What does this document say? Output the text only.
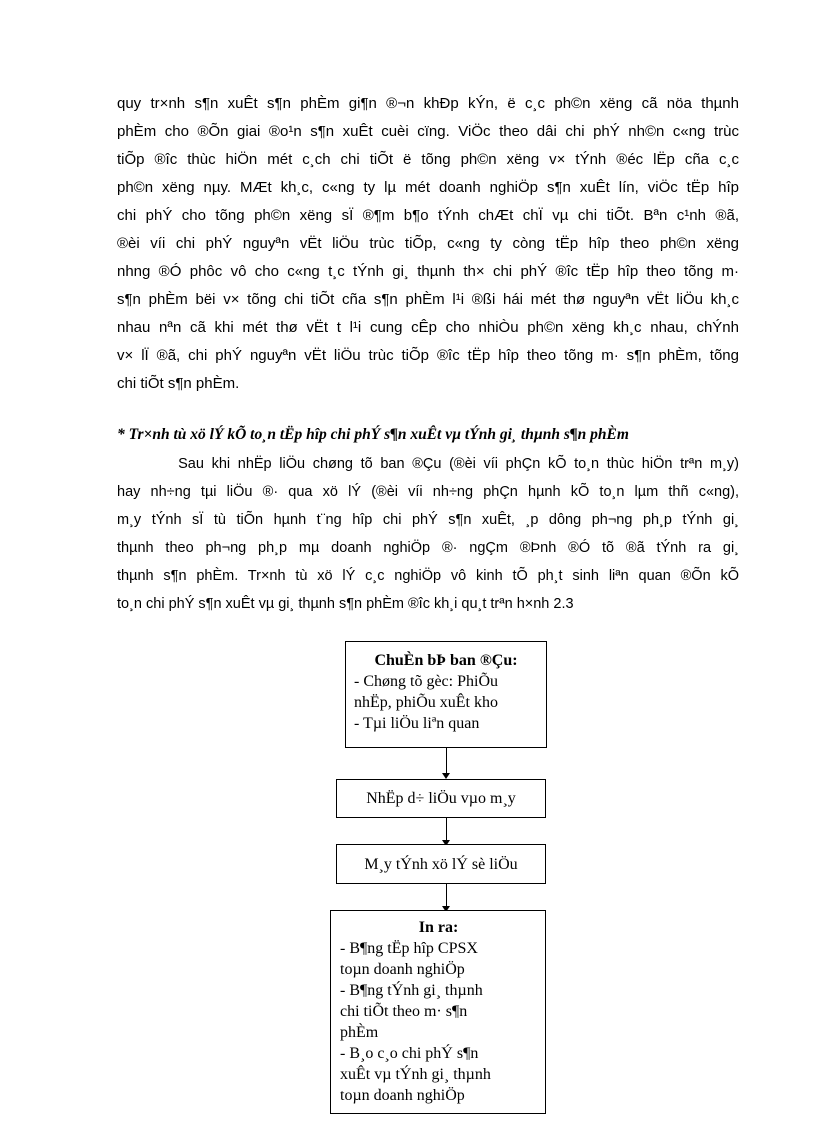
quy tr×nh s¶n xuÊt s¶n phÈm gi¶n ®¬n khÐp kÝn, ë c¸c ph©n xëng cã nöa thµnh
phÈm cho ®Õn giai ®o¹n s¶n xuÊt cuèi cïng. ViÖc theo dâi chi phÝ nh©n c«ng trùc
tiÕp ®îc thùc hiÖn mét c¸ch chi tiÕt ë tõng ph©n xëng v× tÝnh ®éc lËp cña c¸c
ph©n xëng nµy. MÆt kh¸c, c«ng ty lµ mét doanh nghiÖp s¶n xuÊt lín, viÖc tËp hîp
chi phÝ cho tõng ph©n xëng sÏ ®¶m b¶o tÝnh chÆt chÏ vµ chi tiÕt. Bªn c¹nh ®ã,
®èi víi chi phÝ nguyªn vËt liÖu trùc tiÕp, c«ng ty còng tËp hîp theo ph©n xëng
nhng ®Ó phôc vô cho c«ng t¸c tÝnh gi¸ thµnh th× chi phÝ ®îc tËp hîp theo tõng m·
s¶n phÈm bëi v× tõng chi tiÕt cña s¶n phÈm l¹i ®ßi hái mét thø nguyªn vËt liÖu kh¸c
nhau nªn cã khi mét thø vËt t l¹i cung cÊp cho nhiÒu ph©n xëng kh¸c nhau, chÝnh
v× lÏ ®ã, chi phÝ nguyªn vËt liÖu trùc tiÕp ®îc tËp hîp theo tõng m· s¶n phÈm, tõng
chi tiÕt s¶n phÈm.
* Tr×nh tù xö lÝ kÕ to¸n tËp hîp chi phÝ s¶n xuÊt vµ tÝnh gi¸ thµnh s¶n phÈm
Sau khi nhËp liÖu chøng tõ ban ®Çu (®èi víi phÇn kÕ to¸n thùc hiÖn trªn m¸y)
hay nh÷ng tµi liÖu ®· qua xö lÝ (®èi víi nh÷ng phÇn hµnh kÕ to¸n lµm thñ c«ng),
m¸y tÝnh sÏ tù tiÕn hµnh t¨ng hîp chi phÝ s¶n xuÊt, ¸p dông ph¬ng ph¸p tÝnh gi¸
thµnh theo ph¬ng ph¸p mµ doanh nghiÖp ®· ngÇm ®Þnh ®Ó tõ ®ã tÝnh ra gi¸
thµnh s¶n phÈm. Tr×nh tù xö lÝ c¸c nghiÖp vô kinh tÕ ph¸t sinh liªn quan ®Õn kÕ
to¸n chi phÝ s¶n xuÊt vµ gi¸ thµnh s¶n phÈm ®îc kh¸i qu¸t trªn h×nh 2.3
ChuÈn bÞ ban ®Çu:
- Chøng tõ gèc: PhiÕu
nhËp, phiÕu xuÊt kho
- Tµi liÖu liªn quan
NhËp d÷ liÖu vµo m¸y
M¸y tÝnh xö lÝ sè liÖu
In ra:
- B¶ng tËp hîp CPSX
toµn doanh nghiÖp
- B¶ng tÝnh gi¸ thµnh
chi tiÕt theo m· s¶n
phÈm
- B¸o c¸o chi phÝ s¶n
xuÊt vµ tÝnh gi¸ thµnh
toµn doanh nghiÖp
